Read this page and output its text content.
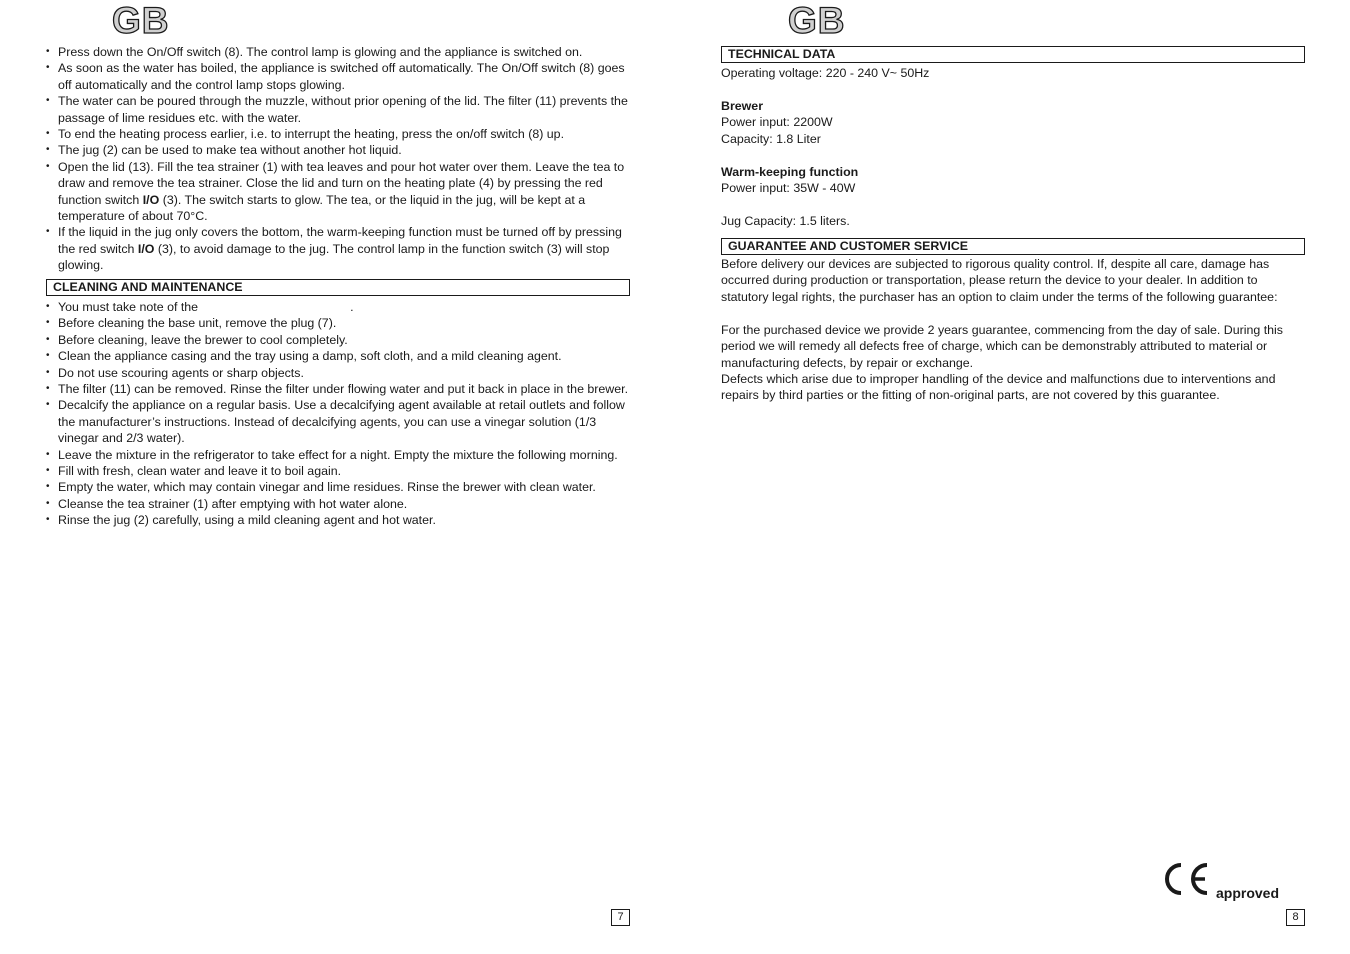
GB	GB
• Press down the On/Off switch (8). The control lamp is glowing and the appliance is switched on.
• As soon as the water has boiled, the appliance is switched off automatically. The On/Off switch (8) goes off automatically and the control lamp stops glowing.
• The water can be poured through the muzzle, without prior opening of the lid. The filter (11) prevents the passage of lime residues etc. with the water.
• To end the heating process earlier, i.e. to interrupt the heating, press the on/off switch (8) up.
• The jug (2) can be used to make tea without another hot liquid.
• Open the lid (13). Fill the tea strainer (1) with tea leaves and pour hot water over them. Leave the tea to draw and remove the tea strainer. Close the lid and turn on the heating plate (4) by pressing the red function switch I/O (3). The switch starts to glow. The tea, or the liquid in the jug, will be kept at a temperature of about 70°C.
• If the liquid in the jug only covers the bottom, the warm-keeping function must be turned off by pressing the red switch I/O (3), to avoid damage to the jug. The control lamp in the function switch (3) will stop glowing.
CLEANING AND MAINTENANCE
• You must take note of the	.
• Before cleaning the base unit, remove the plug (7).
• Before cleaning, leave the brewer to cool completely.
• Clean the appliance casing and the tray using a damp, soft cloth, and a mild cleaning agent.
• Do not use scouring agents or sharp objects.
• The filter (11) can be removed. Rinse the filter under flowing water and put it back in place in the brewer.
• Decalcify the appliance on a regular basis. Use a decalcifying agent available at retail outlets and follow the manufacturer’s instructions. Instead of decalcifying agents, you can use a vinegar solution (1/3 vinegar and 2/3 water).
• Leave the mixture in the refrigerator to take effect for a night. Empty the mixture the following morning.
• Fill with fresh, clean water and leave it to boil again.
• Empty the water, which may contain vinegar and lime residues. Rinse the brewer with clean water.
• Cleanse the tea strainer (1) after emptying with hot water alone.
• Rinse the jug (2) carefully, using a mild cleaning agent and hot water.
7
TECHNICAL DATA

Operating voltage: 220 - 240 V~ 50Hz

Brewer

Power input: 2200W

Capacity: 1.8 Liter

Warm-keeping function

Power input: 35W - 40W

Jug Capacity: 1.5 liters.

GUARANTEE AND CUSTOMER SERVICE

Before delivery our devices are subjected to rigorous quality control. If, despite all care, damage has occurred during production or transportation, please return the device to your dealer. In addition to statutory legal rights, the purchaser has an option to claim under the terms of the following guarantee:

For the purchased device we provide 2 years guarantee, commencing from the day of sale. During this period we will remedy all defects free of charge, which can be demonstrably attributed to material or manufacturing defects, by repair or exchange.

Defects which arise due to improper handling of the device and malfunctions due to interventions and repairs by third parties or the fitting of non-original parts, are not covered by this guarantee.

approved
8
